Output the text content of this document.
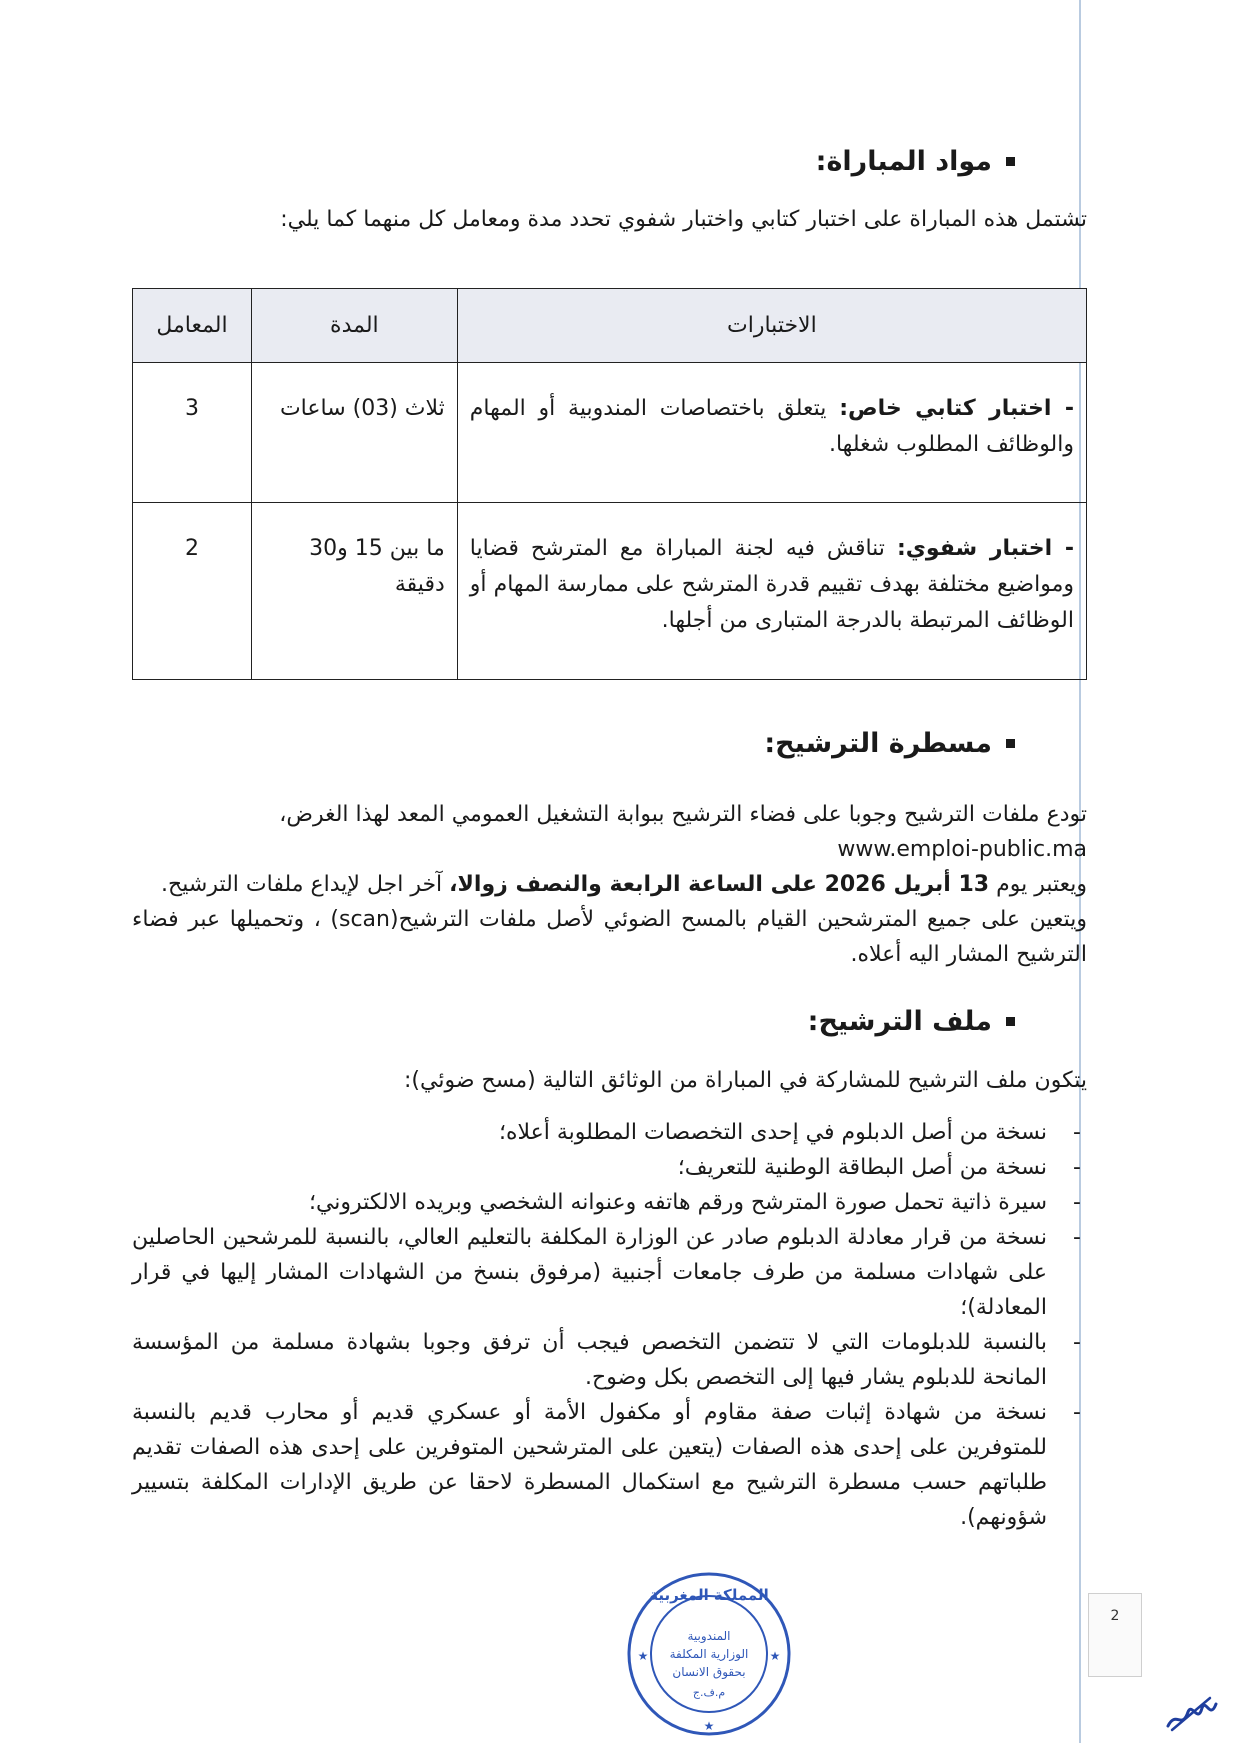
مواد المباراة:
تشتمل هذه المباراة على اختبار كتابي واختبار شفوي تحدد مدة ومعامل كل منهما كما يلي:
الاختبارات	المدة	المعامل
- اختبار كتابي خاص: يتعلق باختصاصات المندوبية أو المهام والوظائف المطلوب شغلها.	ثلاث (03) ساعات	3
- اختبار شفوي: تناقش فيه لجنة المباراة مع المترشح قضايا ومواضيع مختلفة بهدف تقييم قدرة المترشح على ممارسة المهام أو الوظائف المرتبطة بالدرجة المتبارى من أجلها.	ما بين 15 و30 دقيقة	2
مسطرة الترشيح:
تودع ملفات الترشيح وجوبا على فضاء الترشيح ببوابة التشغيل العمومي المعد لهذا الغرض،
www.emploi-public.ma
ويعتبر يوم 13 أبريل 2026 على الساعة الرابعة والنصف زوالا، آخر اجل لإيداع ملفات الترشيح.
ويتعين على جميع المترشحين القيام بالمسح الضوئي لأصل ملفات الترشيح(scan) ، وتحميلها عبر فضاء الترشيح المشار اليه أعلاه.
ملف الترشيح:
يتكون ملف الترشيح للمشاركة في المباراة من الوثائق التالية (مسح ضوئي):
-
نسخة من أصل الدبلوم في إحدى التخصصات المطلوبة أعلاه؛
-
نسخة من أصل البطاقة الوطنية للتعريف؛
-
سيرة ذاتية تحمل صورة المترشح ورقم هاتفه وعنوانه الشخصي وبريده الالكتروني؛
-
نسخة من قرار معادلة الدبلوم صادر عن الوزارة المكلفة بالتعليم العالي، بالنسبة للمرشحين الحاصلين على شهادات مسلمة من طرف جامعات أجنبية (مرفوق بنسخ من الشهادات المشار إليها في قرار المعادلة)؛
-
بالنسبة للدبلومات التي لا تتضمن التخصص فيجب أن ترفق وجوبا بشهادة مسلمة من المؤسسة المانحة للدبلوم يشار فيها إلى التخصص بكل وضوح.
-
نسخة من شهادة إثبات صفة مقاوم أو مكفول الأمة أو عسكري قديم أو محارب قديم بالنسبة للمتوفرين على إحدى هذه الصفات (يتعين على المترشحين المتوفرين على إحدى هذه الصفات تقديم طلباتهم حسب مسطرة الترشيح مع استكمال المسطرة لاحقا عن طريق الإدارات المكلفة بتسيير شؤونهم).
المملكة المغربية
المندوبية
الوزارية المكلفة
بحقوق الانسان
م.ف.ج
★	★
★
2
